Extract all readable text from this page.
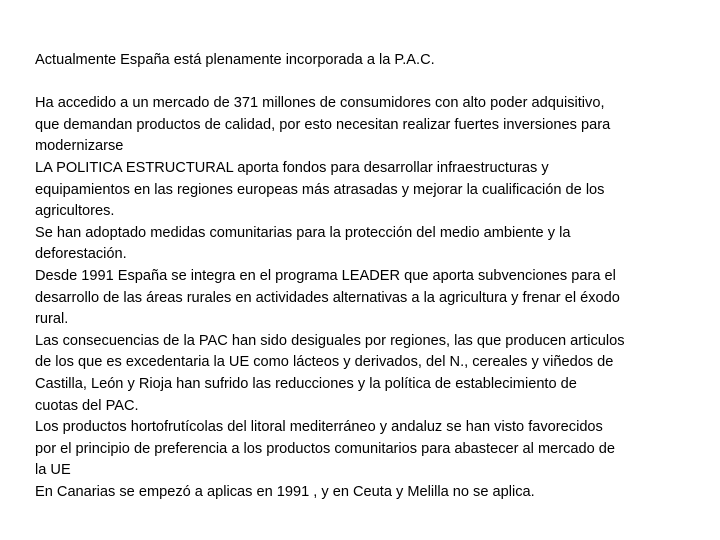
Actualmente España está plenamente incorporada a la P.A.C.
Ha accedido a un mercado de 371 millones de consumidores con alto poder adquisitivo,
que demandan productos de calidad, por esto necesitan realizar fuertes inversiones para
modernizarse
LA POLITICA ESTRUCTURAL aporta fondos para desarrollar infraestructuras y
equipamientos en las regiones europeas más atrasadas y mejorar la cualificación de los
agricultores.
Se han adoptado medidas comunitarias para la protección del medio ambiente y la
deforestación.
Desde 1991 España se integra en el programa LEADER que aporta subvenciones para el
desarrollo de las áreas rurales en actividades alternativas a la agricultura y frenar el éxodo
rural.
Las consecuencias de la PAC han sido desiguales por regiones, las que producen articulos
de los que es excedentaria la UE como lácteos y derivados, del N., cereales y viñedos de
Castilla, León y Rioja han sufrido las reducciones y la política de establecimiento de
cuotas del PAC.
Los productos hortofrutícolas del litoral mediterráneo y andaluz se han visto favorecidos
por el principio de preferencia a los productos comunitarios para abastecer al mercado de
la UE
En Canarias se empezó a aplicas en 1991 , y en Ceuta y Melilla no se aplica.
